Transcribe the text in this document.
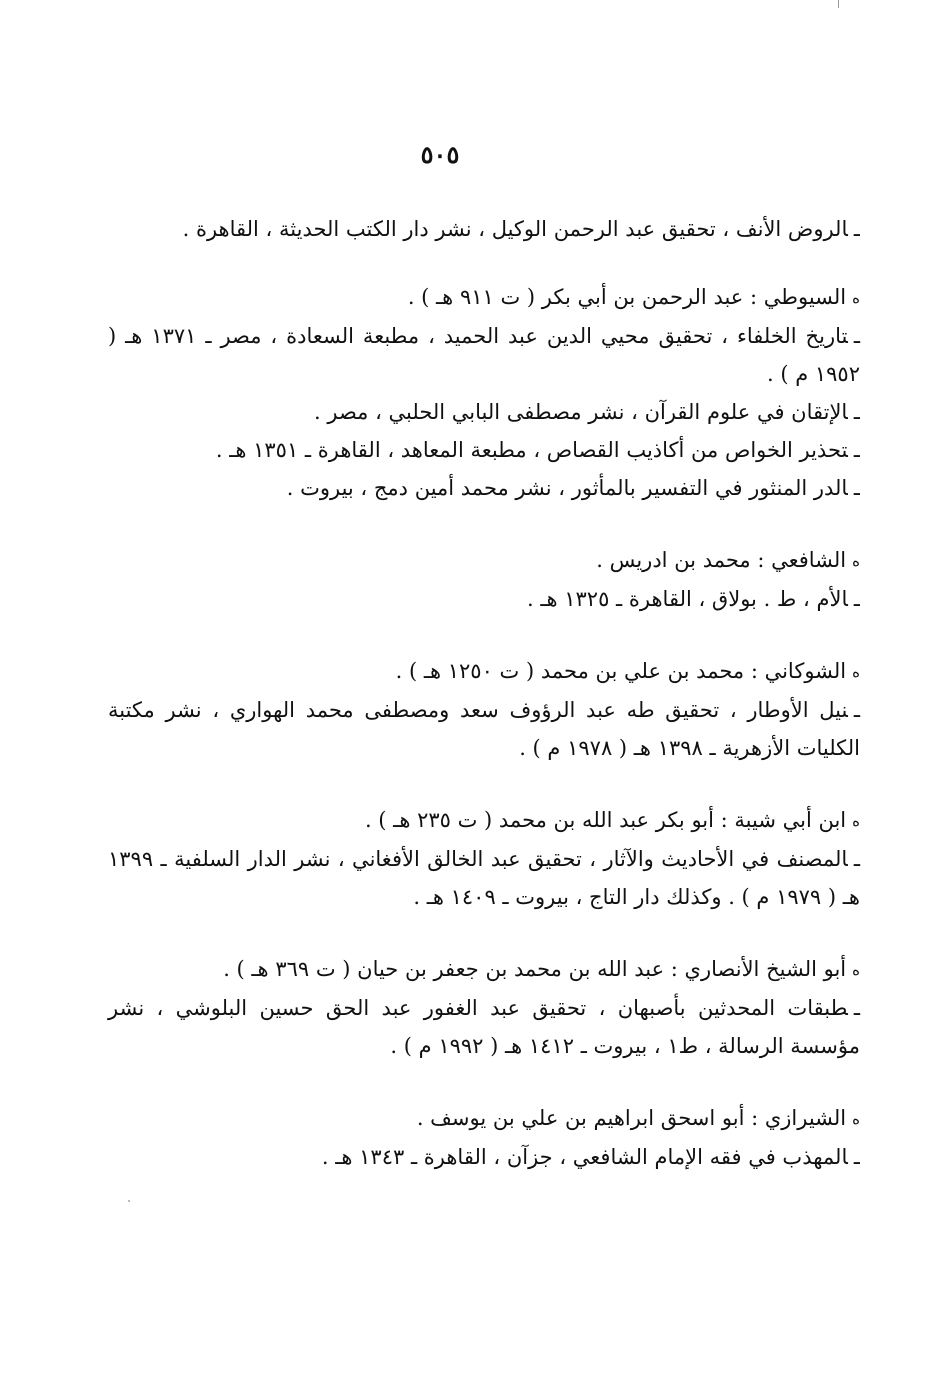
٥٠٥
ـالروض الأنف ، تحقيق عبد الرحمن الوكيل ، نشر دار الكتب الحديثة ، القاهرة .
هالسيوطي : عبد الرحمن بن أبي بكر ( ت ٩١١ هـ ) .
ـتاريخ الخلفاء ، تحقيق محيي الدين عبد الحميد ، مطبعة السعادة ، مصر ـ ١٣٧١ هـ ( ١٩٥٢ م ) .
ـالإتقان في علوم القرآن ، نشر مصطفى البابي الحلبي ، مصر .
ـتحذير الخواص من أكاذيب القصاص ، مطبعة المعاهد ، القاهرة ـ ١٣٥١ هـ .
ـالدر المنثور في التفسير بالمأثور ، نشر محمد أمين دمج ، بيروت .
هالشافعي : محمد بن ادريس .
ـالأم ، ط . بولاق ، القاهرة ـ ١٣٢٥ هـ .
هالشوكاني : محمد بن علي بن محمد ( ت ١٢٥٠ هـ ) .
ـنيل الأوطار ، تحقيق طه عبد الرؤوف سعد ومصطفى محمد الهواري ، نشر مكتبة الكليات الأزهرية ـ ١٣٩٨ هـ ( ١٩٧٨ م ) .
هابن أبي شيبة : أبو بكر عبد الله بن محمد ( ت ٢٣٥ هـ ) .
ـالمصنف في الأحاديث والآثار ، تحقيق عبد الخالق الأفغاني ، نشر الدار السلفية ـ ١٣٩٩ هـ ( ١٩٧٩ م ) . وكذلك دار التاج ، بيروت ـ ١٤٠٩ هـ .
هأبو الشيخ الأنصاري : عبد الله بن محمد بن جعفر بن حيان ( ت ٣٦٩ هـ ) .
ـطبقات المحدثين بأصبهان ، تحقيق عبد الغفور عبد الحق حسين البلوشي ، نشر مؤسسة الرسالة ، ط١ ، بيروت ـ ١٤١٢ هـ ( ١٩٩٢ م ) .
هالشيرازي : أبو اسحق ابراهيم بن علي بن يوسف .
ـالمهذب في فقه الإمام الشافعي ، جزآن ، القاهرة ـ ١٣٤٣ هـ .
